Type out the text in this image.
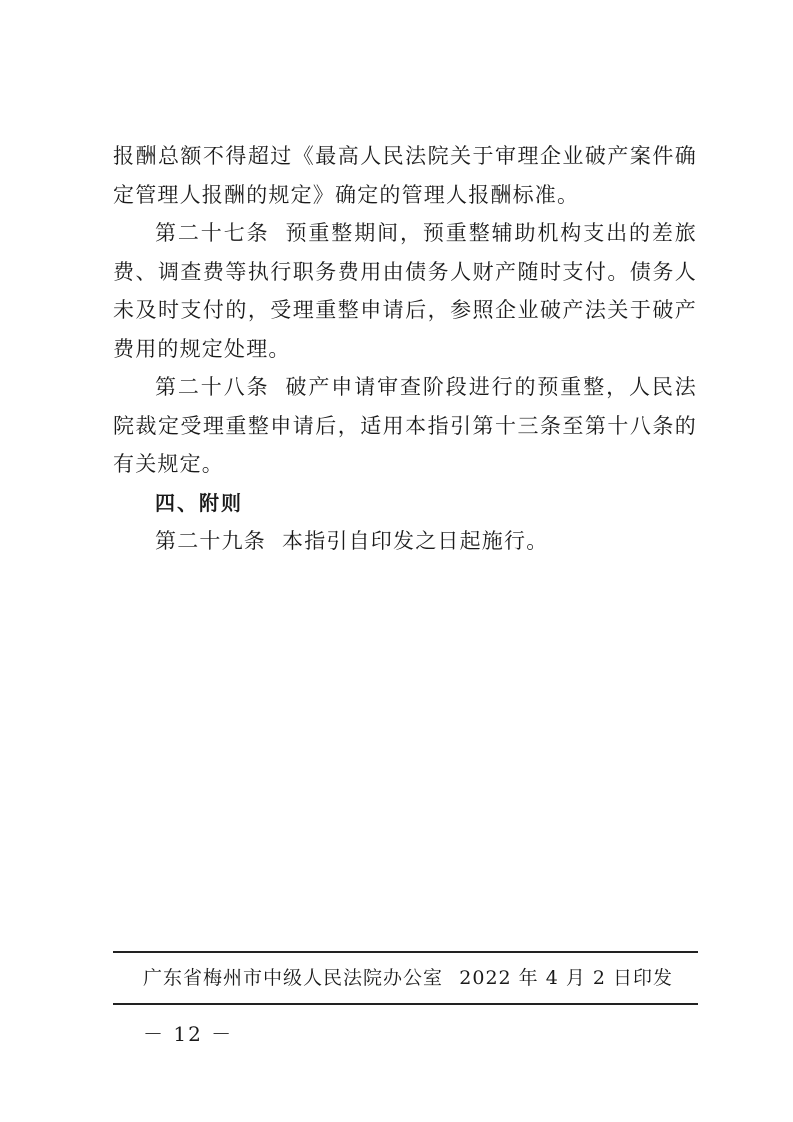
报酬总额不得超过《最高人民法院关于审理企业破产案件确定管理人报酬的规定》确定的管理人报酬标准。

第二十七条 预重整期间，预重整辅助机构支出的差旅费、调查费等执行职务费用由债务人财产随时支付。债务人未及时支付的，受理重整申请后，参照企业破产法关于破产费用的规定处理。

第二十八条 破产申请审查阶段进行的预重整，人民法院裁定受理重整申请后，适用本指引第十三条至第十八条的有关规定。

四、附则

第二十九条 本指引自印发之日起施行。

广东省梅州市中级人民法院办公室 2022 年 4 月 2 日印发
－ 12 －
